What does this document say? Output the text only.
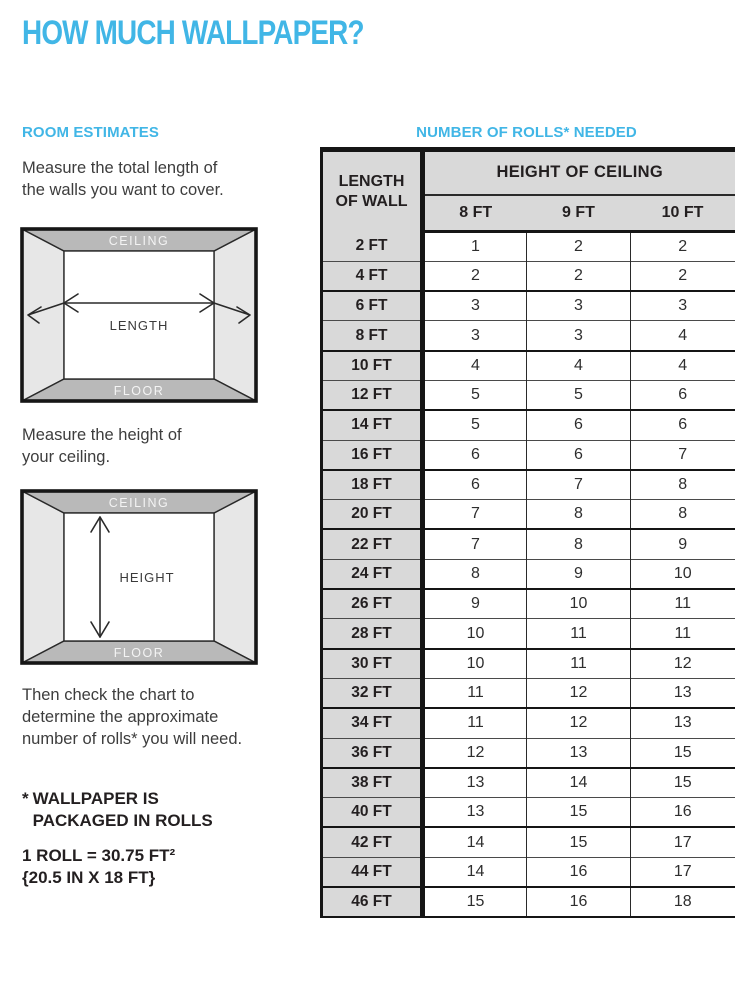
HOW MUCH WALLPAPER?
ROOM ESTIMATES	NUMBER OF ROLLS* NEEDED

Measure the total length of
the walls you want to cover.

CEILING
FLOOR
LENGTH

Measure the height of
your ceiling.

CEILING
FLOOR
HEIGHT

Then check the chart to
determine the approximate
number of rolls* you will need.

* WALLPAPER IS
PACKAGED IN ROLLS
1 ROLL = 30.75 FT²
{20.5 IN X 18 FT}
LENGTH
OF WALL	HEIGHT OF CEILING		
	8 FT	9 FT	10 FT
2 FT	1	2	2
4 FT	2	2	2
6 FT	3	3	3
8 FT	3	3	4
10 FT	4	4	4
12 FT	5	5	6
14 FT	5	6	6
16 FT	6	6	7
18 FT	6	7	8
20 FT	7	8	8
22 FT	7	8	9
24 FT	8	9	10
26 FT	9	10	11
28 FT	10	11	11
30 FT	10	11	12
32 FT	11	12	13
34 FT	11	12	13
36 FT	12	13	15
38 FT	13	14	15
40 FT	13	15	16
42 FT	14	15	17
44 FT	14	16	17
46 FT	15	16	18
